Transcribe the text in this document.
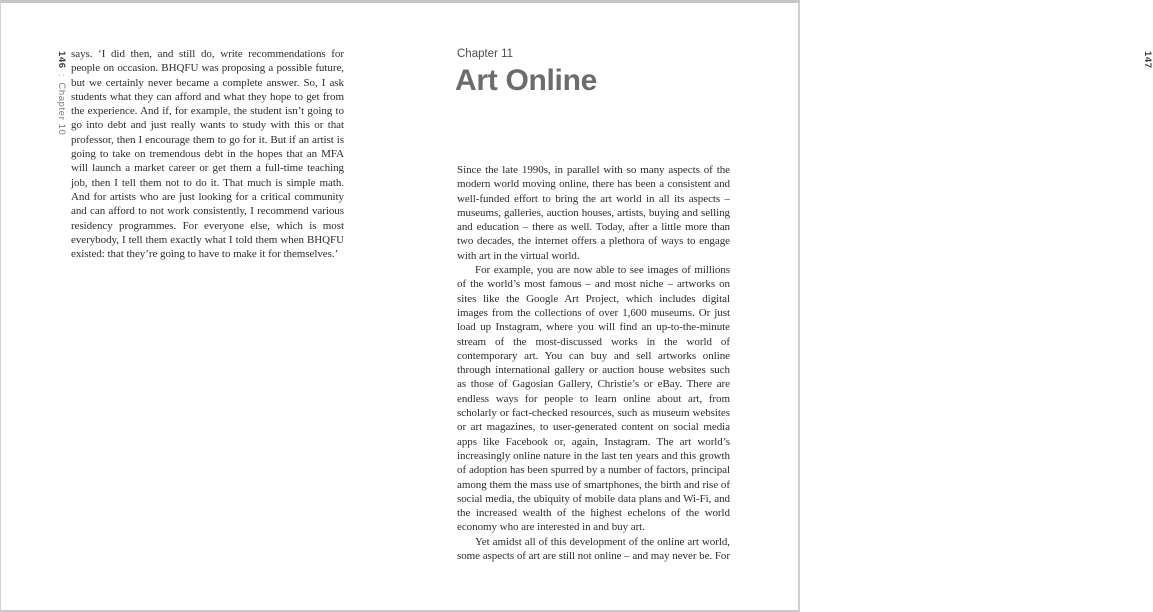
146 : Chapter 10

says. ‘I did then, and still do, write recommendations for people on occasion. BHQFU was proposing a possible future, but we certainly never became a complete answer. So, I ask students what they can afford and what they hope to get from the experience. And if, for example, the student isn’t going to go into debt and just really wants to study with this or that professor, then I encourage them to go for it. But if an artist is going to take on tremendous debt in the hopes that an MFA will launch a market career or get them a full-time teaching job, then I tell them not to do it. That much is simple math. And for artists who are just looking for a critical community and can afford to not work consistently, I recommend various residency programmes. For everyone else, which is most everybody, I tell them exactly what I told them when BHQFU existed: that they’re going to have to make it for themselves.’

Chapter 11
Art Online
147

Since the late 1990s, in parallel with so many aspects of the modern world moving online, there has been a consistent and well-funded effort to bring the art world in all its aspects – museums, galleries, auction houses, artists, buying and selling and education – there as well. Today, after a little more than two decades, the internet offers a plethora of ways to engage with art in the virtual world.

For example, you are now able to see images of millions of the world’s most famous – and most niche – artworks on sites like the Google Art Project, which includes digital images from the collections of over 1,600 museums. Or just load up Instagram, where you will find an up-to-the-minute stream of the most-discussed works in the world of contemporary art. You can buy and sell artworks online through international gallery or auction house websites such as those of Gagosian Gallery, Christie’s or eBay. There are endless ways for people to learn online about art, from scholarly or fact-checked resources, such as museum websites or art magazines, to user-generated content on social media apps like Facebook or, again, Instagram. The art world’s increasingly online nature in the last ten years and this growth of adoption has been spurred by a number of factors, principal among them the mass use of smartphones, the birth and rise of social media, the ubiquity of mobile data plans and Wi-Fi, and the increased wealth of the highest echelons of the world economy who are interested in and buy art.

Yet amidst all of this development of the online art world, some aspects of art are still not online – and may never be. For
